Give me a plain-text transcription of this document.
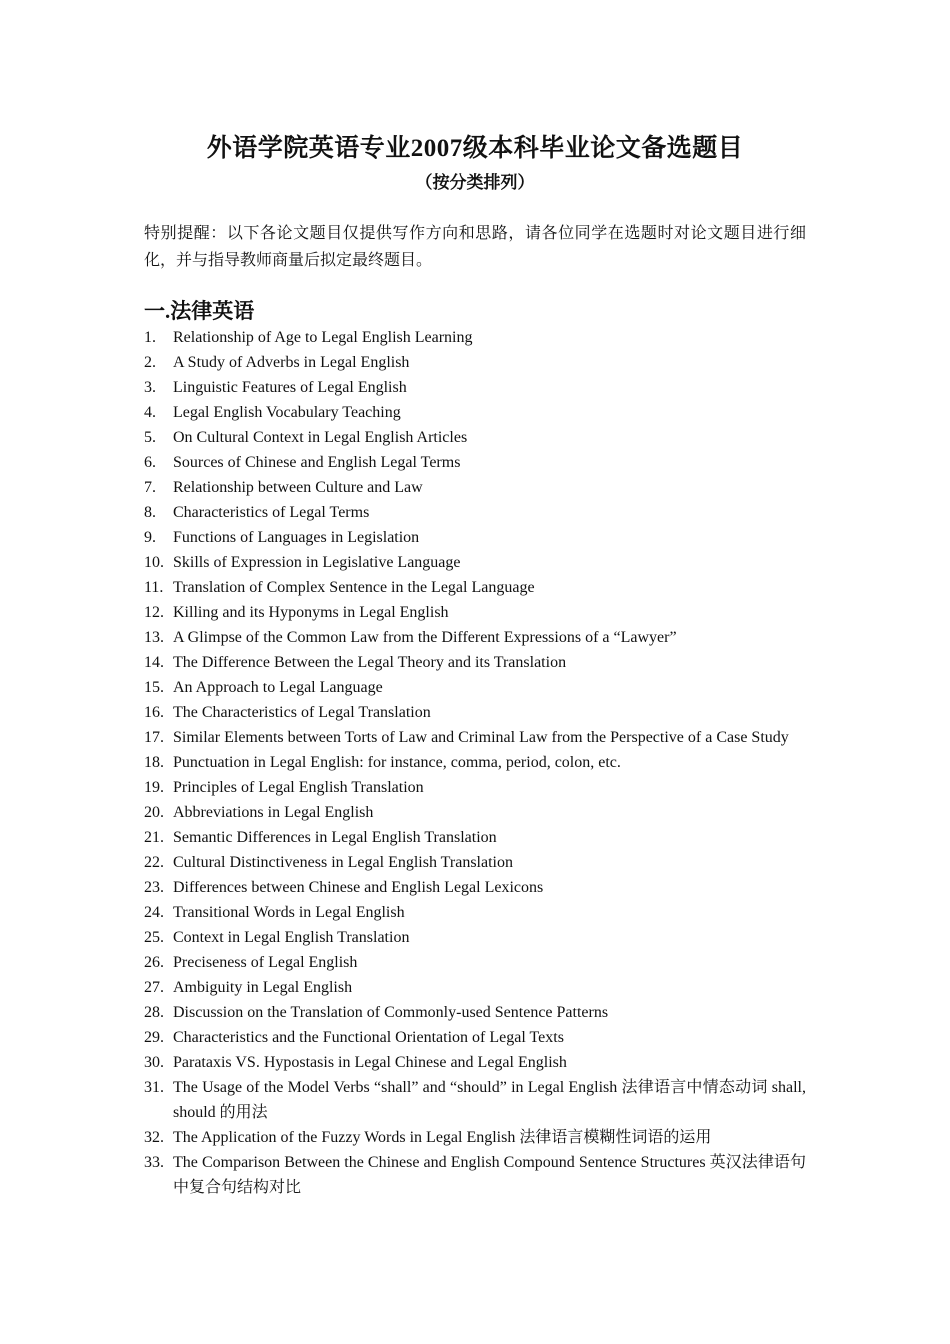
外语学院英语专业2007级本科毕业论文备选题目
（按分类排列）

特别提醒：以下各论文题目仅提供写作方向和思路，请各位同学在选题时对论文题目进行细化，并与指导教师商量后拟定最终题目。

一.法律英语
1. Relationship of Age to Legal English Learning
2. A Study of Adverbs in Legal English
3. Linguistic Features of Legal English
4. Legal English Vocabulary Teaching
5. On Cultural Context in Legal English Articles
6. Sources of Chinese and English Legal Terms
7. Relationship between Culture and Law
8. Characteristics of Legal Terms
9. Functions of Languages in Legislation
10. Skills of Expression in Legislative Language
11. Translation of Complex Sentence in the Legal Language
12. Killing and its Hyponyms in Legal English
13. A Glimpse of the Common Law from the Different Expressions of a “Lawyer”
14. The Difference Between the Legal Theory and its Translation
15. An Approach to Legal Language
16. The Characteristics of Legal Translation
17. Similar Elements between Torts of Law and Criminal Law from the Perspective of a Case Study
18. Punctuation in Legal English: for instance, comma, period, colon, etc.
19. Principles of Legal English Translation
20. Abbreviations in Legal English
21. Semantic Differences in Legal English Translation
22. Cultural Distinctiveness in Legal English Translation
23. Differences between Chinese and English Legal Lexicons
24. Transitional Words in Legal English
25. Context in Legal English Translation
26. Preciseness of Legal English
27. Ambiguity in Legal English
28. Discussion on the Translation of Commonly-used Sentence Patterns
29. Characteristics and the Functional Orientation of Legal Texts
30. Parataxis VS. Hypostasis in Legal Chinese and Legal English
31. The Usage of the Model Verbs “shall” and “should” in Legal English 法律语言中情态动词 shall, should 的用法
32. The Application of the Fuzzy Words in Legal English 法律语言模糊性词语的运用
33. The Comparison Between the Chinese and English Compound Sentence Structures 英汉法律语句中复合句结构对比
